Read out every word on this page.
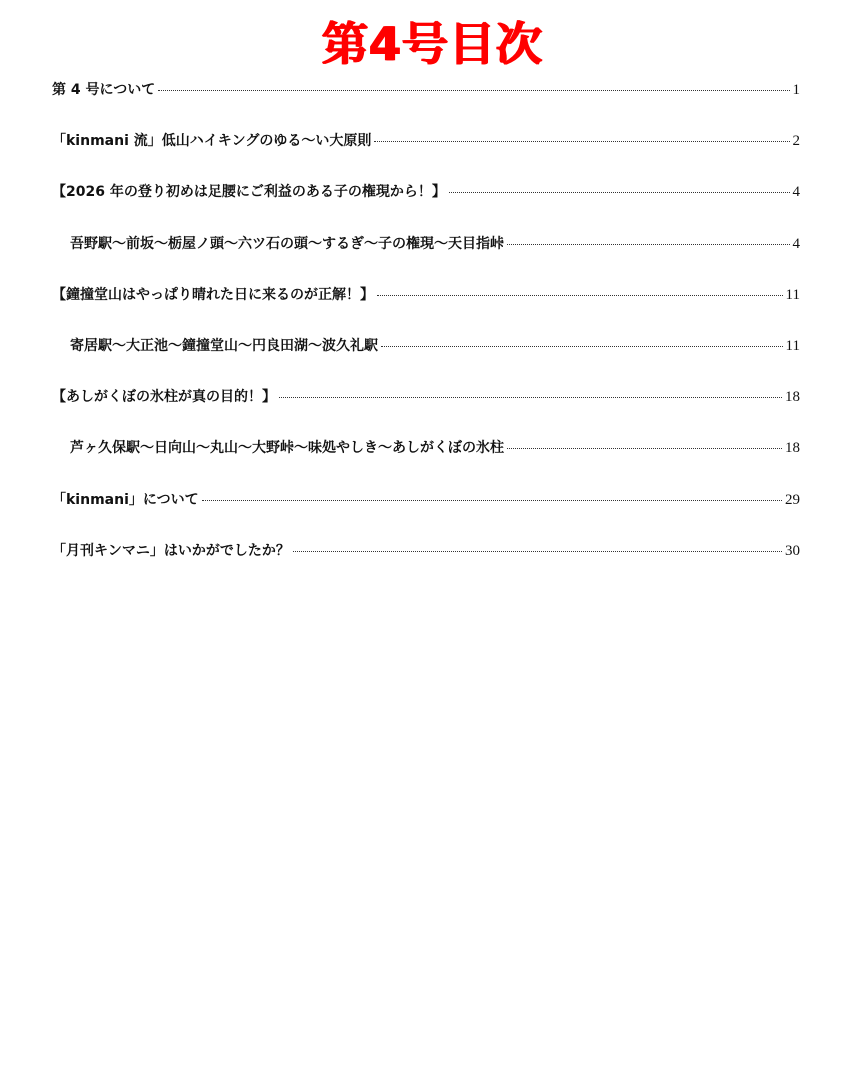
第4号目次
第 4 号について	1
「kinmani 流」低山ハイキングのゆる～い大原則	2
【2026 年の登り初めは足腰にご利益のある子の権現から！】	4
吾野駅～前坂～栃屋ノ頭～六ツ石の頭～するぎ～子の権現～天目指峠	4
【鐘撞堂山はやっぱり晴れた日に来るのが正解！】	11
寄居駅～大正池～鐘撞堂山～円良田湖～波久礼駅	11
【あしがくぼの氷柱が真の目的！】	18
芦ヶ久保駅～日向山～丸山～大野峠～味処やしき～あしがくぼの氷柱	18
「kinmani」について	29
「月刊キンマニ」はいかがでしたか？	30
